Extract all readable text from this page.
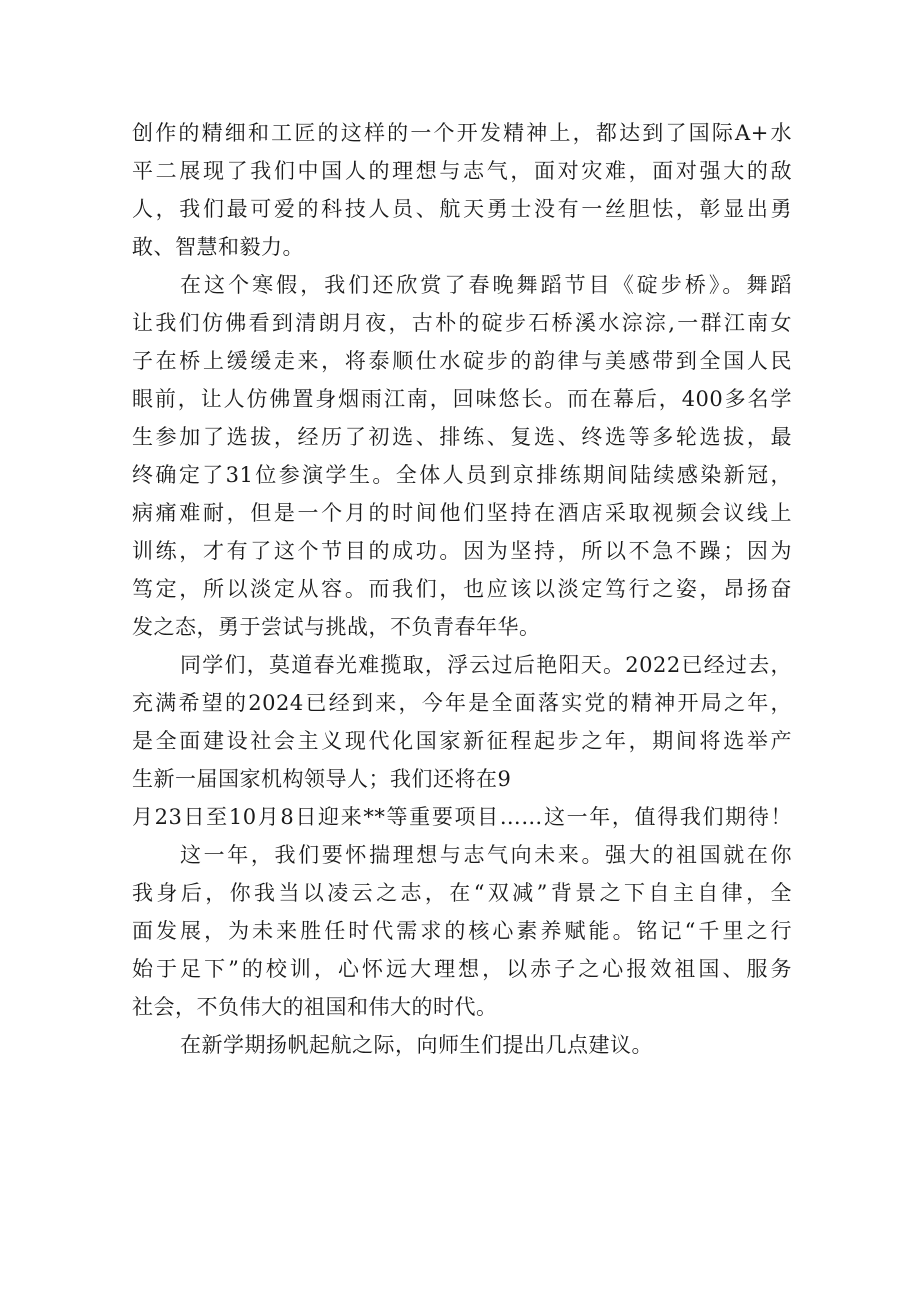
创作的精细和工匠的这样的一个开发精神上，都达到了国际A+水
平二展现了我们中国人的理想与志气，面对灾难，面对强大的敌
人，我们最可爱的科技人员、航天勇士没有一丝胆怯，彰显出勇
敢、智慧和毅力。
在这个寒假，我们还欣赏了春晚舞蹈节目《碇步桥》。舞蹈
让我们仿佛看到清朗月夜，古朴的碇步石桥溪水淙淙,一群江南女
子在桥上缓缓走来，将泰顺仕水碇步的韵律与美感带到全国人民
眼前，让人仿佛置身烟雨江南，回味悠长。而在幕后，400多名学
生参加了选拔，经历了初选、排练、复选、终选等多轮选拔，最
终确定了31位参演学生。全体人员到京排练期间陆续感染新冠，
病痛难耐，但是一个月的时间他们坚持在酒店采取视频会议线上
训练，才有了这个节目的成功。因为坚持，所以不急不躁；因为
笃定，所以淡定从容。而我们，也应该以淡定笃行之姿，昂扬奋
发之态，勇于尝试与挑战，不负青春年华。
同学们，莫道春光难揽取，浮云过后艳阳天。2022已经过去，
充满希望的2024已经到来，今年是全面落实党的精神开局之年，
是全面建设社会主义现代化国家新征程起步之年，期间将选举产
生新一届国家机构领导人；我们还将在9
月23日至10月8日迎来**等重要项目……这一年，值得我们期待！
这一年，我们要怀揣理想与志气向未来。强大的祖国就在你
我身后，你我当以凌云之志，在“双减”背景之下自主自律，全
面发展，为未来胜任时代需求的核心素养赋能。铭记“千里之行
始于足下”的校训，心怀远大理想，以赤子之心报效祖国、服务
社会，不负伟大的祖国和伟大的时代。
在新学期扬帆起航之际，向师生们提出几点建议。
